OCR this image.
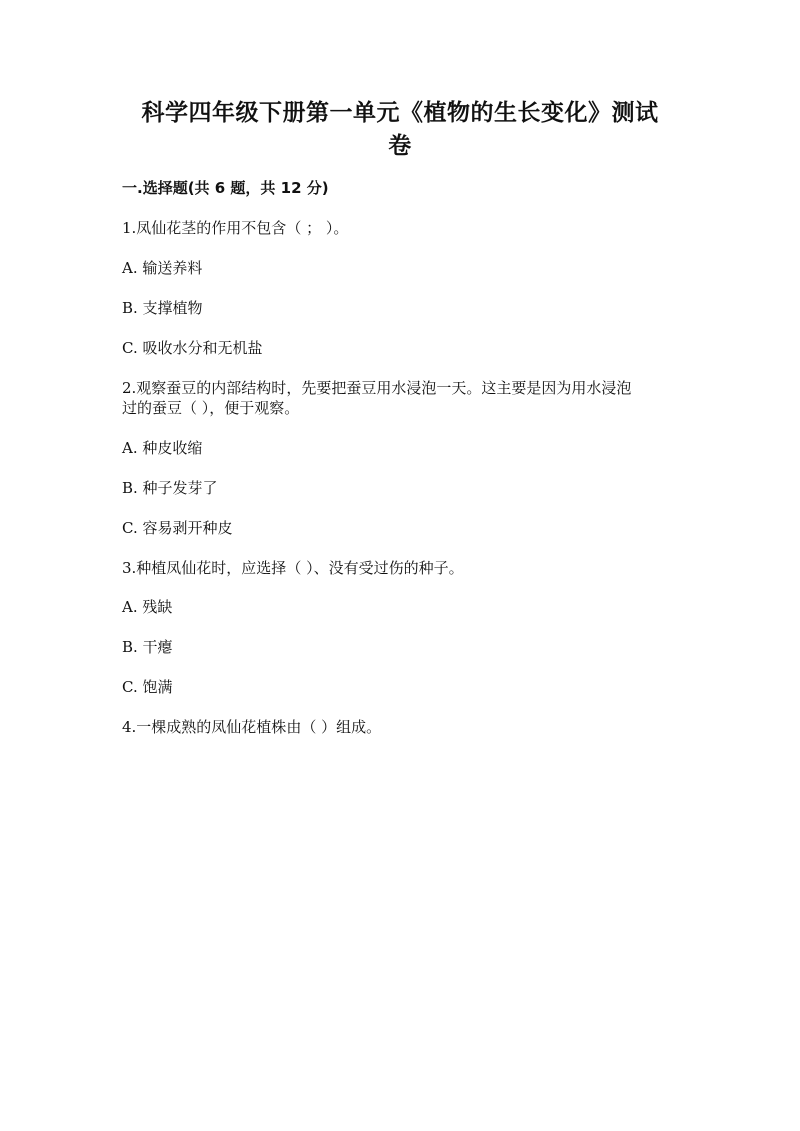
科学四年级下册第一单元《植物的生长变化》测试
卷
一.选择题(共 6 题，共 12 分)
1.凤仙花茎的作用不包含（ ； ）。
A. 输送养料
B. 支撑植物
C. 吸收水分和无机盐
2.观察蚕豆的内部结构时，先要把蚕豆用水浸泡一天。这主要是因为用水浸泡
过的蚕豆（ ），便于观察。
A. 种皮收缩
B. 种子发芽了
C. 容易剥开种皮
3.种植凤仙花时，应选择（ ）、没有受过伤的种子。
A. 残缺
B. 干瘪
C. 饱满
4.一棵成熟的凤仙花植株由（ ）组成。
